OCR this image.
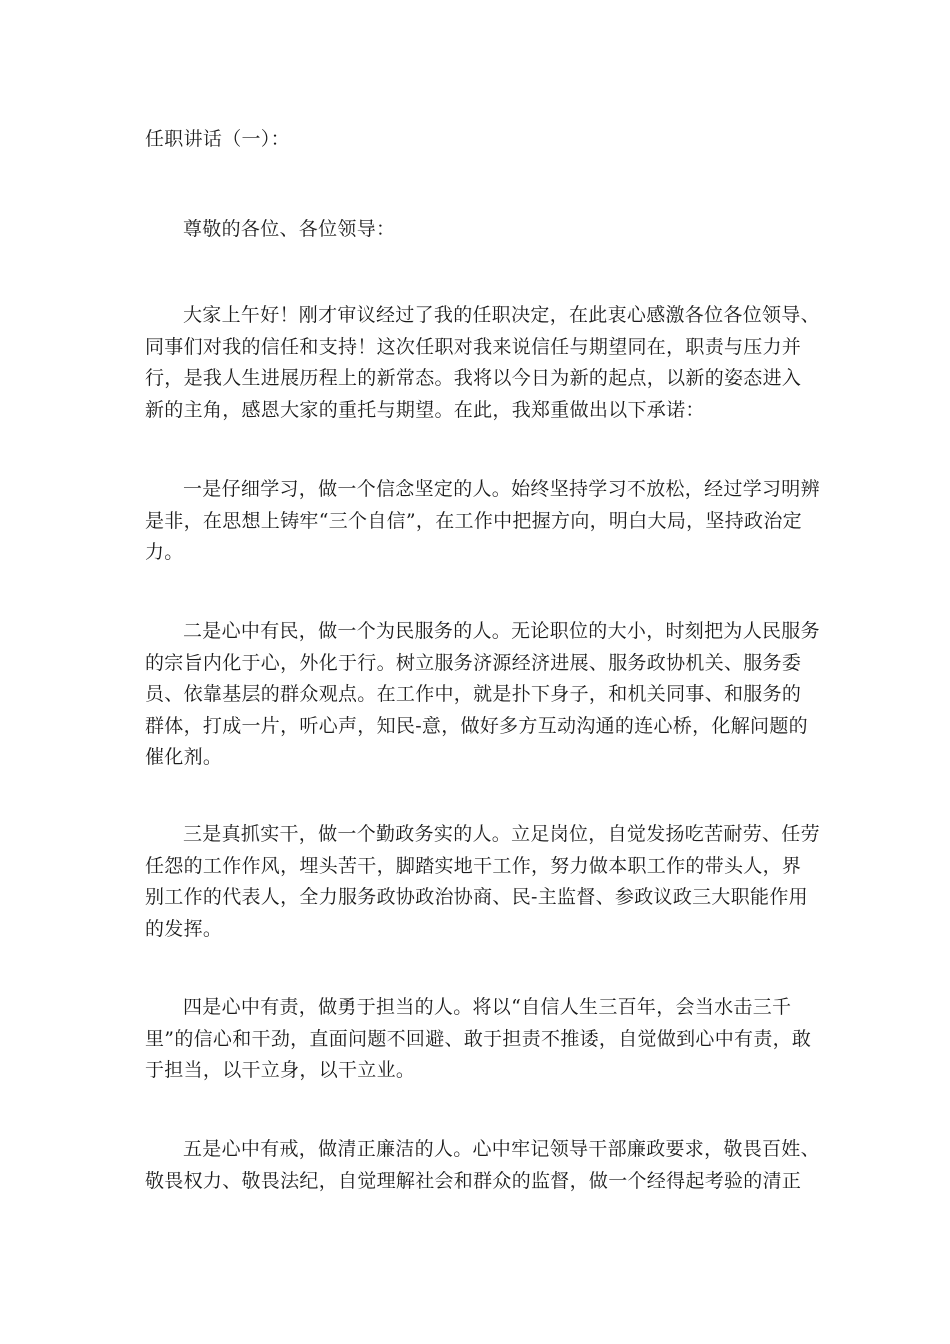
任职讲话（一）：

尊敬的各位、各位领导：

大家上午好！刚才审议经过了我的任职决定，在此衷心感激各位各位领导、同事们对我的信任和支持！这次任职对我来说信任与期望同在，职责与压力并行，是我人生进展历程上的新常态。我将以今日为新的起点，以新的姿态进入新的主角，感恩大家的重托与期望。在此，我郑重做出以下承诺：

一是仔细学习，做一个信念坚定的人。始终坚持学习不放松，经过学习明辨是非，在思想上铸牢“三个自信”，在工作中把握方向，明白大局，坚持政治定力。

二是心中有民，做一个为民服务的人。无论职位的大小，时刻把为人民服务的宗旨内化于心，外化于行。树立服务济源经济进展、服务政协机关、服务委员、依靠基层的群众观点。在工作中，就是扑下身子，和机关同事、和服务的群体，打成一片，听心声，知民-意，做好多方互动沟通的连心桥，化解问题的催化剂。

三是真抓实干，做一个勤政务实的人。立足岗位，自觉发扬吃苦耐劳、任劳任怨的工作作风，埋头苦干，脚踏实地干工作，努力做本职工作的带头人，界别工作的代表人，全力服务政协政治协商、民-主监督、参政议政三大职能作用的发挥。

四是心中有责，做勇于担当的人。将以“自信人生三百年，会当水击三千里”的信心和干劲，直面问题不回避、敢于担责不推诿，自觉做到心中有责，敢于担当，以干立身，以干立业。

五是心中有戒，做清正廉洁的人。心中牢记领导干部廉政要求，敬畏百姓、敬畏权力、敬畏法纪，自觉理解社会和群众的监督，做一个经得起考验的清正
